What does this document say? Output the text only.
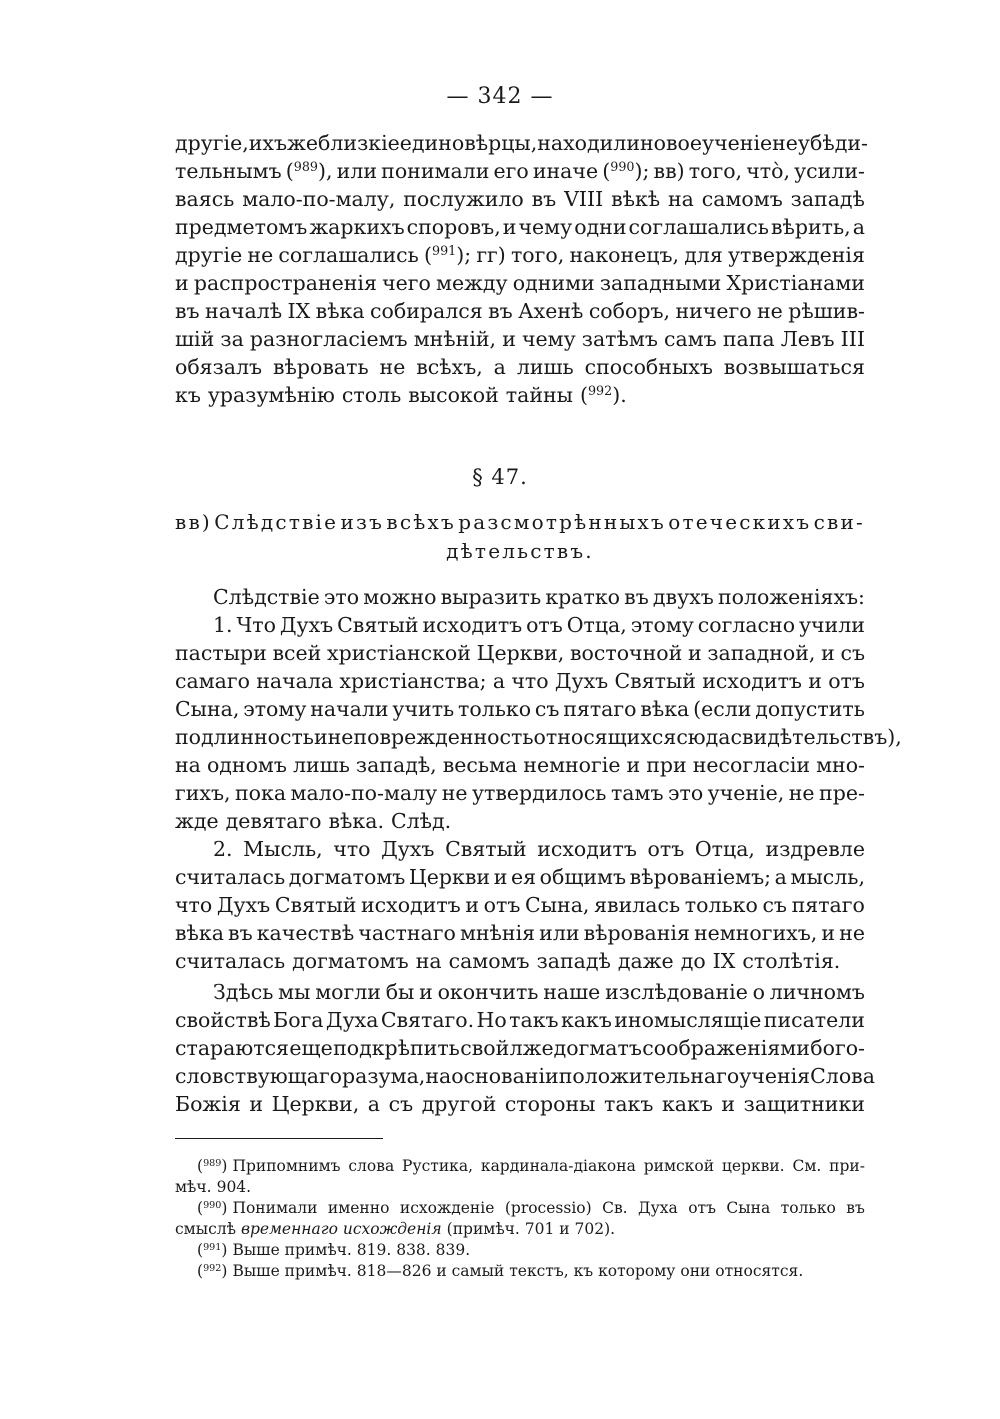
— 342 —
другіе, ихъ же близкіе единовѣрцы, находили новое ученіе неубѣди-
тельнымъ ($^{989}$), или понимали его иначе ($^{990}$); вв) того, что̀, усили-
ваясь мало-по-малу, послужило въ VIII вѣкѣ на самомъ западѣ
предметомъ жаркихъ споровъ, и чему одни соглашались вѣрить, а
другіе не соглашались ($^{991}$); гг) того, наконецъ, для утвержденія
и распространенія чего между одними западными Христіанами
въ началѣ IX вѣка собирался въ Ахенѣ соборъ, ничего не рѣшив-
шій за разногласіемъ мнѣній, и чему затѣмъ самъ папа Левъ III
обязалъ вѣровать не всѣхъ, а лишь способныхъ возвышаться
къ уразумѣнію столь высокой тайны ($^{992}$).
§ 47.
вв) Слѣдствіе изъ всѣхъ разсмотрѣнныхъ отеческихъ сви-
дѣтельствъ.
Слѣдствіе это можно выразить кратко въ двухъ положеніяхъ:
1. Что Духъ Святый исходитъ отъ Отца, этому согласно учили
пастыри всей христіанской Церкви, восточной и западной, и съ
самаго начала христіанства; а что Духъ Святый исходитъ и отъ
Сына, этому начали учить только съ пятаго вѣка (если допустить
подлинность и неповрежденность относящихся сюда свидѣтельствъ),
на одномъ лишь западѣ, весьма немногіе и при несогласіи мно-
гихъ, пока мало-по-малу не утвердилось тамъ это ученіе, не пре-
жде девятаго вѣка. Слѣд.
2. Мысль, что Духъ Святый исходитъ отъ Отца, издревле
считалась догматомъ Церкви и ея общимъ вѣрованіемъ; а мысль,
что Духъ Святый исходитъ и отъ Сына, явилась только съ пятаго
вѣка въ качествѣ частнаго мнѣнія или вѣрованія немногихъ, и не
считалась догматомъ на самомъ западѣ даже до IX столѣтія.
Здѣсь мы могли бы и окончить наше изслѣдованіе о личномъ
свойствѣ Бога Духа Святаго. Но такъ какъ иномыслящіе писатели
стараются еще подкрѣпить свой лжедогматъ соображеніями бого-
словствующаго разума, на основаніи положительнаго ученія Слова
Божія и Церкви, а съ другой стороны такъ какъ и защитники
($^{989}$) Припомнимъ слова Рустика, кардинала-діакона римской церкви. См. при-
мѣч. 904.
($^{990}$) Понимали именно исхожденіе (processio) Св. Духа отъ Сына только въ
смыслѣ временнаго исхожденія (примѣч. 701 и 702).
($^{991}$) Выше примѣч. 819. 838. 839.
($^{992}$) Выше примѣч. 818—826 и самый текстъ, къ которому они относятся.
